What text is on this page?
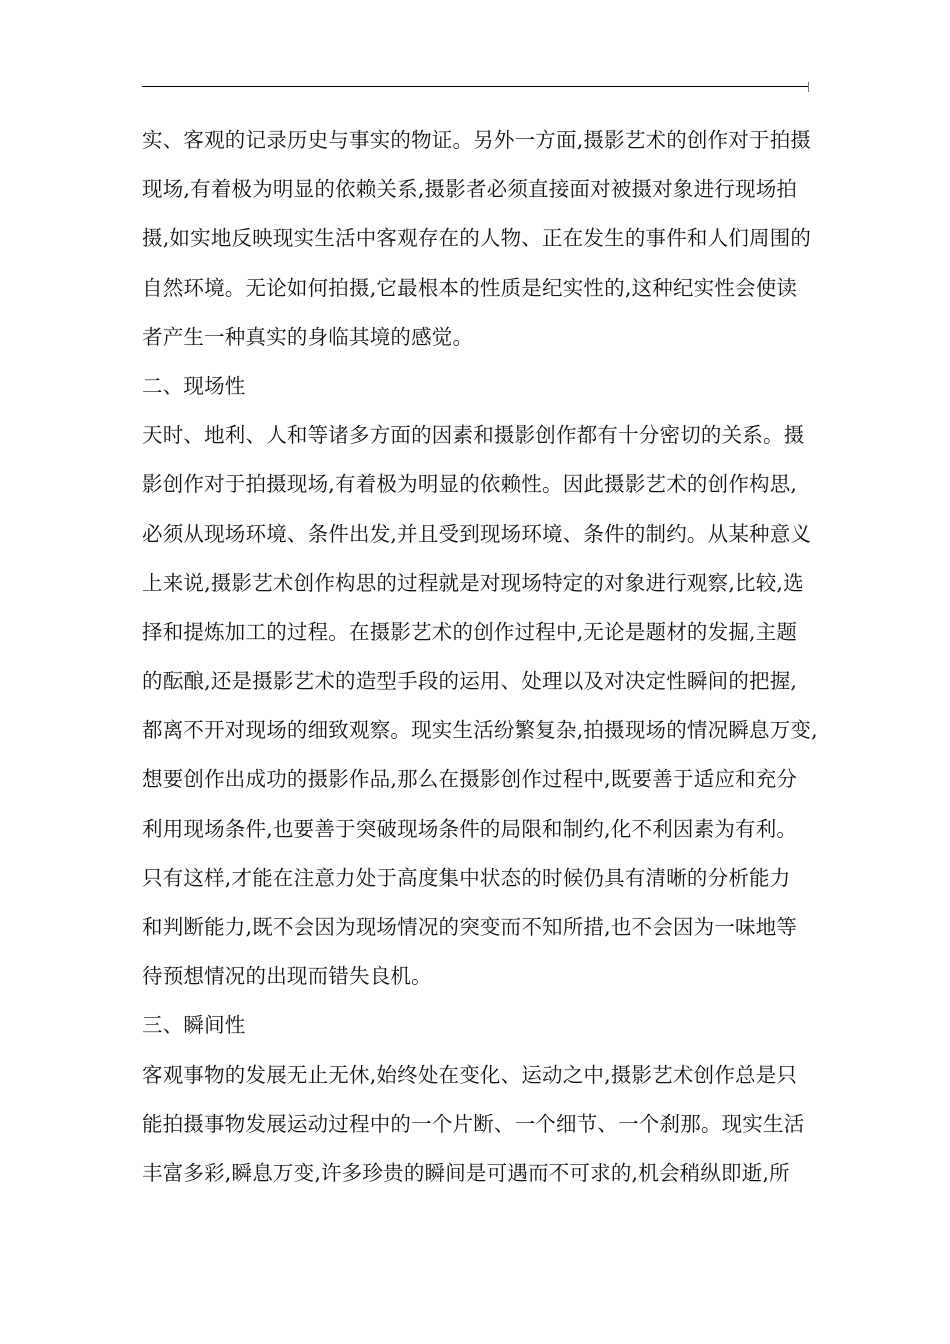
实、客观的记录历史与事实的物证。另外一方面,摄影艺术的创作对于拍摄
现场,有着极为明显的依赖关系,摄影者必须直接面对被摄对象进行现场拍
摄,如实地反映现实生活中客观存在的人物、正在发生的事件和人们周围的
自然环境。无论如何拍摄,它最根本的性质是纪实性的,这种纪实性会使读
者产生一种真实的身临其境的感觉。
二、现场性
天时、地利、人和等诸多方面的因素和摄影创作都有十分密切的关系。摄
影创作对于拍摄现场,有着极为明显的依赖性。因此摄影艺术的创作构思,
必须从现场环境、条件出发,并且受到现场环境、条件的制约。从某种意义
上来说,摄影艺术创作构思的过程就是对现场特定的对象进行观察,比较,选
择和提炼加工的过程。在摄影艺术的创作过程中,无论是题材的发掘,主题
的酝酿,还是摄影艺术的造型手段的运用、处理以及对决定性瞬间的把握,
都离不开对现场的细致观察。现实生活纷繁复杂,拍摄现场的情况瞬息万变,
想要创作出成功的摄影作品,那么在摄影创作过程中,既要善于适应和充分
利用现场条件,也要善于突破现场条件的局限和制约,化不利因素为有利。
只有这样,才能在注意力处于高度集中状态的时候仍具有清晰的分析能力
和判断能力,既不会因为现场情况的突变而不知所措,也不会因为一味地等
待预想情况的出现而错失良机。
三、瞬间性
客观事物的发展无止无休,始终处在变化、运动之中,摄影艺术创作总是只
能拍摄事物发展运动过程中的一个片断、一个细节、一个刹那。现实生活
丰富多彩,瞬息万变,许多珍贵的瞬间是可遇而不可求的,机会稍纵即逝,所
